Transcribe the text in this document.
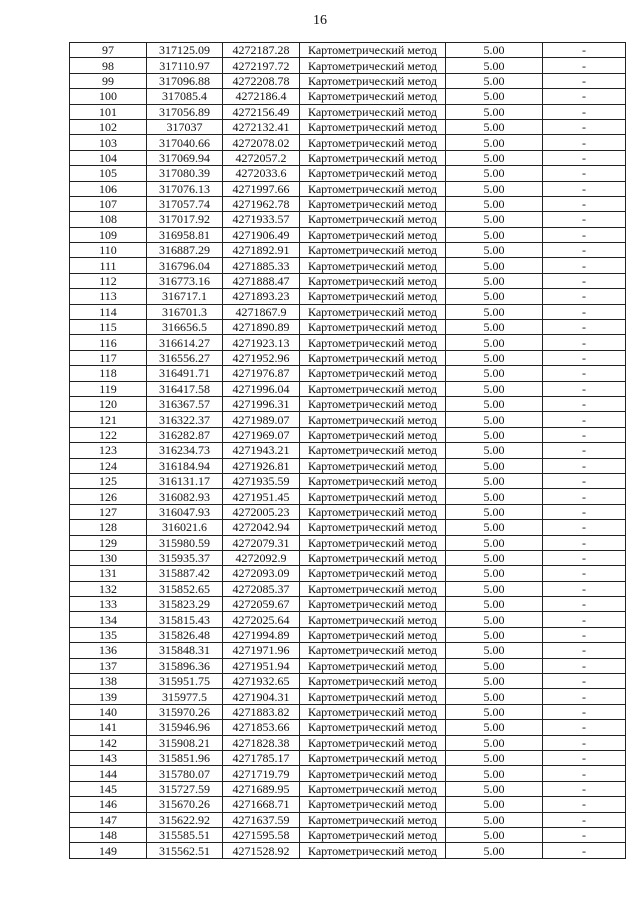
16
97	317125.09	4272187.28	Картометрический метод	5.00	-
98	317110.97	4272197.72	Картометрический метод	5.00	-
99	317096.88	4272208.78	Картометрический метод	5.00	-
100	317085.4	4272186.4	Картометрический метод	5.00	-
101	317056.89	4272156.49	Картометрический метод	5.00	-
102	317037	4272132.41	Картометрический метод	5.00	-
103	317040.66	4272078.02	Картометрический метод	5.00	-
104	317069.94	4272057.2	Картометрический метод	5.00	-
105	317080.39	4272033.6	Картометрический метод	5.00	-
106	317076.13	4271997.66	Картометрический метод	5.00	-
107	317057.74	4271962.78	Картометрический метод	5.00	-
108	317017.92	4271933.57	Картометрический метод	5.00	-
109	316958.81	4271906.49	Картометрический метод	5.00	-
110	316887.29	4271892.91	Картометрический метод	5.00	-
111	316796.04	4271885.33	Картометрический метод	5.00	-
112	316773.16	4271888.47	Картометрический метод	5.00	-
113	316717.1	4271893.23	Картометрический метод	5.00	-
114	316701.3	4271867.9	Картометрический метод	5.00	-
115	316656.5	4271890.89	Картометрический метод	5.00	-
116	316614.27	4271923.13	Картометрический метод	5.00	-
117	316556.27	4271952.96	Картометрический метод	5.00	-
118	316491.71	4271976.87	Картометрический метод	5.00	-
119	316417.58	4271996.04	Картометрический метод	5.00	-
120	316367.57	4271996.31	Картометрический метод	5.00	-
121	316322.37	4271989.07	Картометрический метод	5.00	-
122	316282.87	4271969.07	Картометрический метод	5.00	-
123	316234.73	4271943.21	Картометрический метод	5.00	-
124	316184.94	4271926.81	Картометрический метод	5.00	-
125	316131.17	4271935.59	Картометрический метод	5.00	-
126	316082.93	4271951.45	Картометрический метод	5.00	-
127	316047.93	4272005.23	Картометрический метод	5.00	-
128	316021.6	4272042.94	Картометрический метод	5.00	-
129	315980.59	4272079.31	Картометрический метод	5.00	-
130	315935.37	4272092.9	Картометрический метод	5.00	-
131	315887.42	4272093.09	Картометрический метод	5.00	-
132	315852.65	4272085.37	Картометрический метод	5.00	-
133	315823.29	4272059.67	Картометрический метод	5.00	-
134	315815.43	4272025.64	Картометрический метод	5.00	-
135	315826.48	4271994.89	Картометрический метод	5.00	-
136	315848.31	4271971.96	Картометрический метод	5.00	-
137	315896.36	4271951.94	Картометрический метод	5.00	-
138	315951.75	4271932.65	Картометрический метод	5.00	-
139	315977.5	4271904.31	Картометрический метод	5.00	-
140	315970.26	4271883.82	Картометрический метод	5.00	-
141	315946.96	4271853.66	Картометрический метод	5.00	-
142	315908.21	4271828.38	Картометрический метод	5.00	-
143	315851.96	4271785.17	Картометрический метод	5.00	-
144	315780.07	4271719.79	Картометрический метод	5.00	-
145	315727.59	4271689.95	Картометрический метод	5.00	-
146	315670.26	4271668.71	Картометрический метод	5.00	-
147	315622.92	4271637.59	Картометрический метод	5.00	-
148	315585.51	4271595.58	Картометрический метод	5.00	-
149	315562.51	4271528.92	Картометрический метод	5.00	-
